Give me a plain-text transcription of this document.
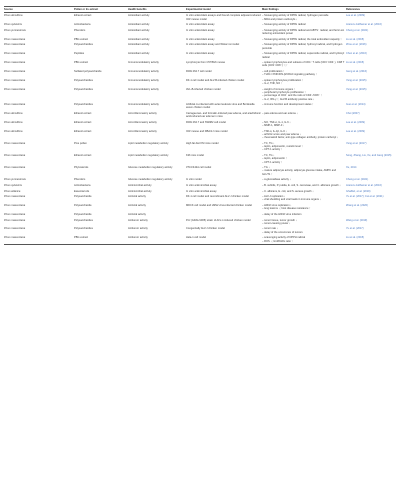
Source	Pollen or its extract	Health benefits	Experimental model	Main findings	References

Pinus densiflora	Ethanol extract	Antioxidant activity	In vitro antioxidant assays and freund complete adjuvant-induced ICR mouse model	– Scavenging activity of DPPH radical, hydrogen peroxide
– MDA and protein carbonyls ↓	Lee et al. (2009)

Pinus sylvestris	Actinobacteria	Antioxidant activity	In vitro antioxidant assay	– Scavenging activity of DPPH radical	Aramov-Gidhamer et al. (2016)

Pinus yunnanensis	Phenolics	Antioxidant activity	In vitro antioxidant assay	– Scavenging activity of DPPH radical and ABTS⁺ radical, and ferric-ion reducing antioxidant power	Cheng et al. (2021)

Pinus massoniana	PBG extract	Antioxidant activity	In vitro antioxidant assay	– Scavenging activity of DPPH radical, the total antioxidant capacity ↑	Liu et al. (2015)

Pinus massoniana	Polysaccharides	Antioxidant activity	In vitro antioxidant assay and Wistar rat model	– Scavenging activity of DPPH radical, hydroxyl radical, and hydrogen peroxide	Zhou et al. (2016)

Pinus massoniana	Peptides	Antioxidant activity	In vitro antioxidant assay	– Scavenging activity of DPPH radical, superoxide radical, and hydroxyl radical	Chen et al. (2016)

Pinus massoniana	PBG extract	Immunomodulatory activity	Lymphocyte from C57/BL6 mouse	– spleen lymphocytes and subsets of CD4⁺ T cells (CD3⁺CD4⁺), CD8 T cells (CD3⁺CD8⁺) ↑; ↑	Liu et al. (2015)

Pinus massoniana	Sulfated polysaccharide	Immunomodulatory activity	RAW 264.7 cell model	– cell proliferation ↑
– TLR4 / PI3K/IFN-β/CRAC signaling pathway ↑	Geng et al. (2016)

Pinus massoniana	Polysaccharides	Immunomodulatory activity	DF-1 cell model and ALV-B-infected chicken model	– spleen lymphocytes proliferation ↑
– IL-2, TNF, NO ↑	Yang et al. (2015)

Pinus massoniana	Polysaccharides	Immunomodulatory activity	AVL-B-infected chicken model	– weight of immune organs ↑
– peripheral lymphocyte proliferation ↑
– percentage of CD4⁺ and the ratio of CD4⁺/CD8⁺ ↑
– IL-2, IFN-γ ↑; ALV-B antibody positive rate ↓	Yang et al. (2015)

Pinus massoniana	Polysaccharides	Immunomodulatory activity	Artificial co-infected with avian leukosis virus and Bordetella avium chicken model	– immune function and development status ↑	Guo et al. (2014)

Pinus densiflora	Ethanol extract	Anti-inflammatory activity	Carrageenan- and formalin-induced paw edema, and arachidonic acid-induced ear edema in mice	– paw edema and ear edema ↓	Choi (2007)

Pinus densiflora	Ethanol extract	Anti-inflammatory activity	RAW 264.7 and SW982 cell model	– NO, TNF-α, IL-1, IL-6 ↓
– MMP-1, MMP-3 ↓	Lee et al. (2009)

Pinus densiflora	Ethanol extract	Anti-inflammatory activity	ICR mouse and DBA/1J mice model	– TNF-α, IL-1β, IL-6 ↓
– arthritic score and paw edema ↓
– rheumatoid factor, anti-type collagen antibody, protein carbonyl ↓	Lee et al. (2009)

Pinus massoniana	Pine pollen	Lipid metabolism regulatory activity	High fat diet KM mice model	– TC, TG ↓
– leptin, adiponectin, resistin level ↑
– CPT-1 activity ↑	Yang et al. (2017)

Pinus massoniana	Ethanol extract	Lipid metabolism regulatory activity	KM mice model	– TC, TG ↓
– leptin, adiponectin ↑
– CPT-1 activity ↑	Song, Zhang, Liu, Xu, and Geng (2015)

Pinus massoniana	Phytosterols	Glucose metabolism regulatory activity	3T3-F442A cell model	– TG ↓
– mature adipocyte activity, adipocyte glucose intake, AMPK and GLUT1 ↑	Xu, 2014

Pinus yunnanensis	Phenolics	Glucose metabolism regulatory activity	In vitro model	– α-glucosidase activity ↓	Cheng et al. (2021)

Pinus sylvestris	Actinobacteria	Antimicrobial activity	In vitro antimicrobial assay	– B. subtilis, P. putida, E. coli, S. cerevisae, and C. albicans growth ↓	Aramov-Gidhamer et al. (2016)

Pinus eldarica	Essential oils	Antimicrobial activity	In vitro antimicrobial assay	– C. albicans, E. coli, and S. aureus growth ↓	Ghaffari, et al. (2019)

Pinus massoniana	Polysaccharide	Antiviral activity	DF-1 cell model and recombinant ALV-J chicken model	– ALV-J replication ↓
– viral shedding and viral loads in immune organs ↓	Yu et al. (2017); Cui et al. (2021)

Pinus massoniana	Polysaccharide	Antiviral activity	MDCK cell model and H9N2 virus-infected chicken model	– H9N2 virus replication ↓
– lung lesions ↓; host disease resistance ↑	Zhang et al. (2020)

Pinus massoniana	Polysaccharide	Antiviral activity		– delay of the H9N2 virus infection	

Pinus massoniana	Polysaccharides	Antitumor activity	PcJ (GDAU1005) strain of ALV-J-induced chicken model	– tumor tissue, tumor growth ↓
– tumor-causing power ↓	Wang et al. (2019)

Pinus massoniana	Polysaccharides	Antitumor activity	Congenitally ALV-J chicken model	– tumor rate ↓
– delay of the occurrence of tumors	Yu et al. (2017)

Pinus massoniana	PBG extract	Antitumor activity	Hela-1 cell model	– scavenging activity of DPPH radical
– ROS ↓; G1M/G0G ratio ↑	Liu et al. (2015)
